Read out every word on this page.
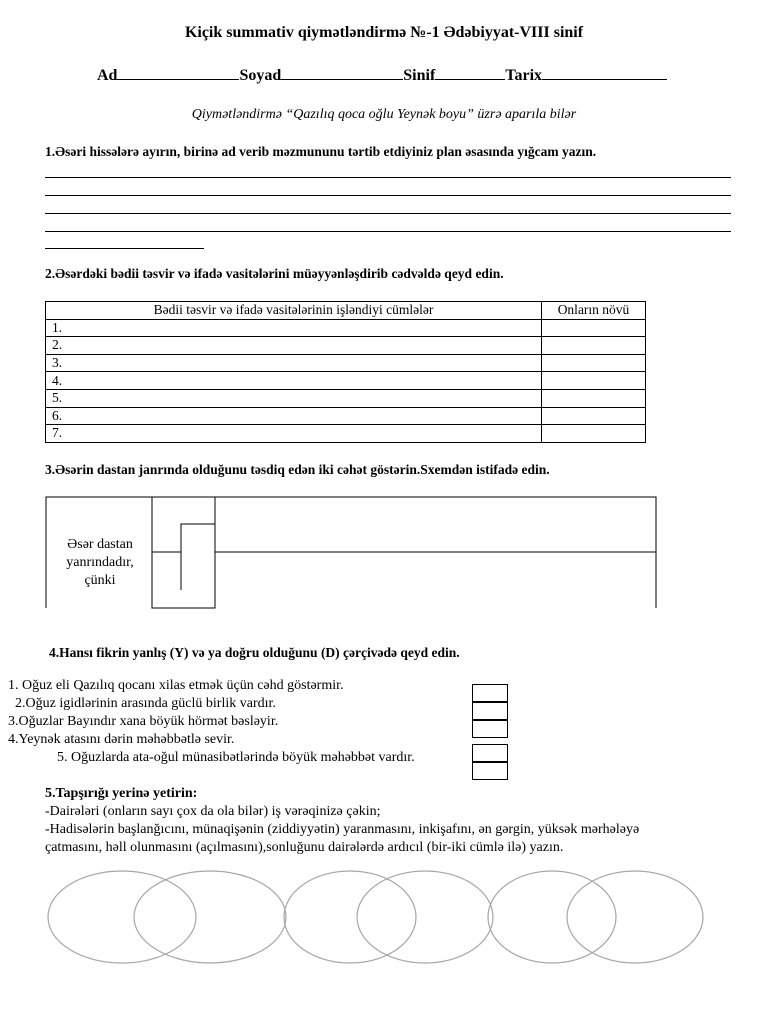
Kiçik summativ qiymətləndirmə №-1 Ədəbiyyat-VIII sinif
Ad	Soyad	Sinif	Tarix
Qiymətləndirmə “Qazılıq qoca oğlu Yeynək boyu” üzrə aparıla bilər
1.Əsəri hissələrə ayırın, birinə ad verib məzmununu tərtib etdiyiniz plan əsasında yığcam yazın.
2.Əsərdəki bədii təsvir və ifadə vasitələrini müəyyənləşdirib cədvəldə qeyd edin.
Bədii təsvir və ifadə vasitələrinin işləndiyi cümlələr	Onların növü
1.	
2.	
3.	
4.	
5.	
6.	
7.	
3.Əsərin dastan janrında olduğunu təsdiq edən iki cəhət göstərin.Sxemdən istifadə edin.
Əsər dastan yanrındadır, çünki
4.Hansı fikrin yanlış (Y) və ya doğru olduğunu (D) çərçivədə qeyd edin.
1. Oğuz eli Qazılıq qocanı xilas etmək üçün cəhd göstərmir.
2.Oğuz igidlərinin arasında güclü birlik vardır.
3.Oğuzlar Bayındır xana böyük hörmət bəsləyir.
4.Yeynək atasını dərin məhəbbətlə sevir.
5. Oğuzlarda ata-oğul münasibətlərində böyük məhəbbət vardır.
5.Tapşırığı yerinə yetirin:
-Dairələri (onların sayı çox da ola bilər) iş vərəqinizə çəkin;
-Hadisələrin başlanğıcını, münaqişənin (ziddiyyətin) yaranmasını, inkişafını, ən gərgin, yüksək mərhələyə
çatmasını, həll olunmasını (açılmasını),sonluğunu dairələrdə ardıcıl (bir-iki cümlə ilə) yazın.
